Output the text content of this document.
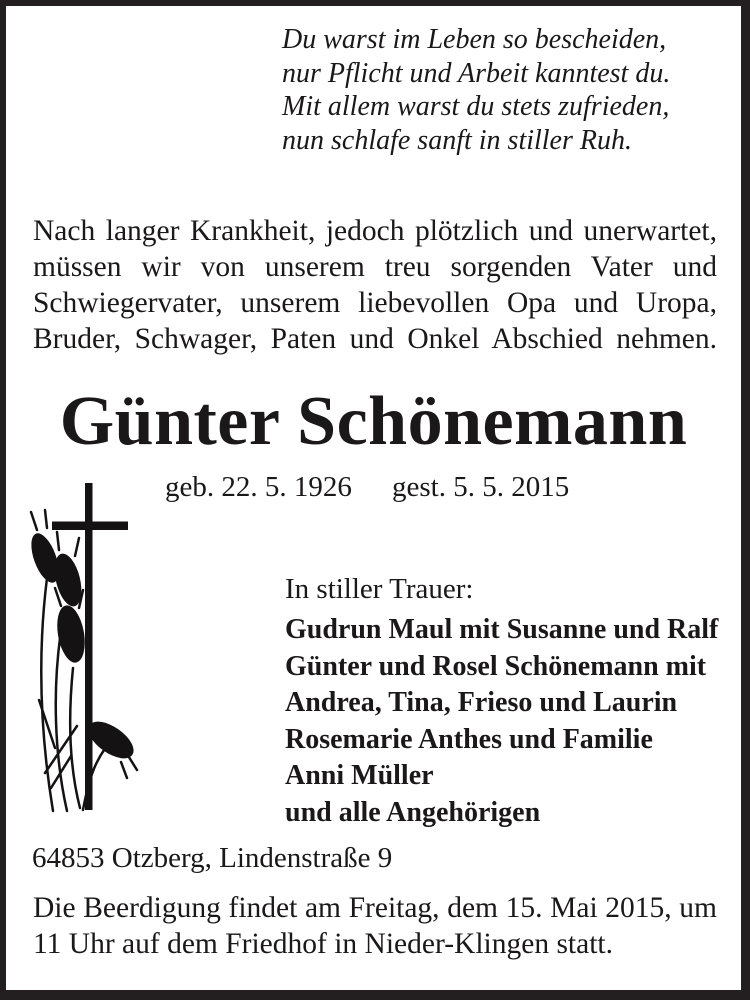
Du warst im Leben so bescheiden,
nur Pflicht und Arbeit kanntest du.
Mit allem warst du stets zufrieden,
nun schlafe sanft in stiller Ruh.
Nach langer Krankheit, jedoch plötzlich und unerwartet,
müssen wir von unserem treu sorgenden Vater und
Schwiegervater, unserem liebevollen Opa und Uropa,
Bruder, Schwager, Paten und Onkel Abschied nehmen.
Günter Schönemann
geb. 22. 5. 1926 gest. 5. 5. 2015
In stiller Trauer:
Gudrun Maul mit Susanne und Ralf
Günter und Rosel Schönemann mit
Andrea, Tina, Frieso und Laurin
Rosemarie Anthes und Familie
Anni Müller
und alle Angehörigen
64853 Otzberg, Lindenstraße 9
Die Beerdigung findet am Freitag, dem 15. Mai 2015, um
11 Uhr auf dem Friedhof in Nieder-Klingen statt.
